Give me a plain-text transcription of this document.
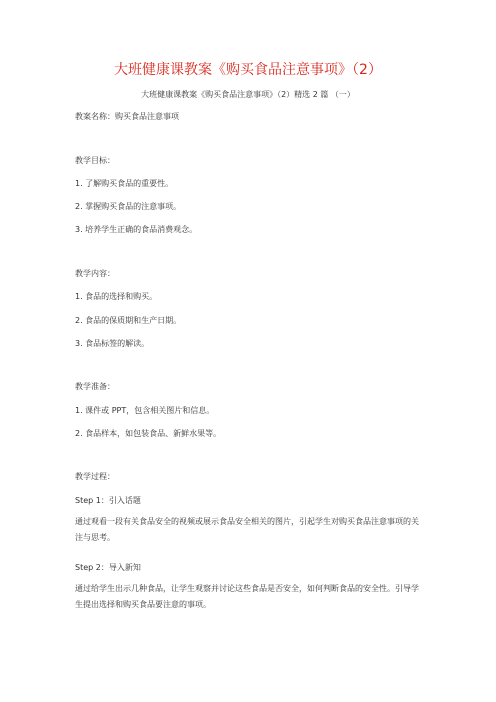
大班健康课教案《购买食品注意事项》（2）
大班健康课教案《购买食品注意事项》（2）精选 2 篇 （一）
教案名称：购买食品注意事项
教学目标：
1. 了解购买食品的重要性。
2. 掌握购买食品的注意事项。
3. 培养学生正确的食品消费观念。
教学内容：
1. 食品的选择和购买。
2. 食品的保质期和生产日期。
3. 食品标签的解读。
教学准备：
1. 课件或 PPT，包含相关图片和信息。
2. 食品样本，如包装食品、新鲜水果等。
教学过程：
Step 1：引入话题
通过观看一段有关食品安全的视频或展示食品安全相关的图片，引起学生对购买食品注意事项的关注与思考。
Step 2：导入新知
通过给学生出示几种食品，让学生观察并讨论这些食品是否安全，如何判断食品的安全性。引导学生提出选择和购买食品要注意的事项。
